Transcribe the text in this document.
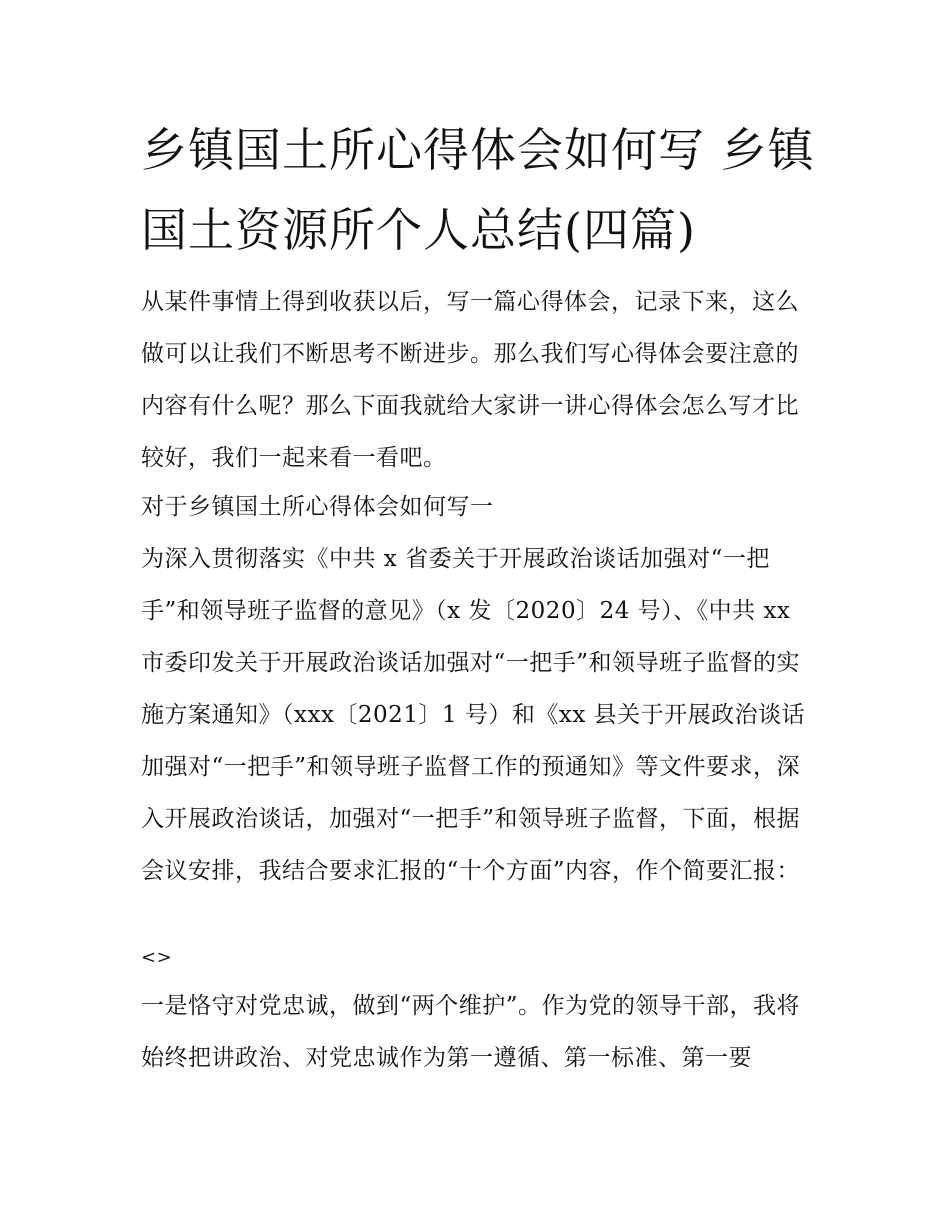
乡镇国土所心得体会如何写 乡镇国土资源所个人总结(四篇)

从某件事情上得到收获以后，写一篇心得体会，记录下来，这么做可以让我们不断思考不断进步。那么我们写心得体会要注意的内容有什么呢？那么下面我就给大家讲一讲心得体会怎么写才比较好，我们一起来看一看吧。

对于乡镇国土所心得体会如何写一

为深入贯彻落实《中共 x 省委关于开展政治谈话加强对“一把手”和领导班子监督的意见》（x 发〔2020〕24 号）、《中共 xx 市委印发关于开展政治谈话加强对“一把手”和领导班子监督的实施方案通知》（xxx〔2021〕1 号）和《xx 县关于开展政治谈话加强对“一把手”和领导班子监督工作的预通知》等文件要求，深入开展政治谈话，加强对“一把手”和领导班子监督，下面，根据会议安排，我结合要求汇报的“十个方面”内容，作个简要汇报：

<>

一是恪守对党忠诚，做到“两个维护”。作为党的领导干部，我将始终把讲政治、对党忠诚作为第一遵循、第一标准、第一要
